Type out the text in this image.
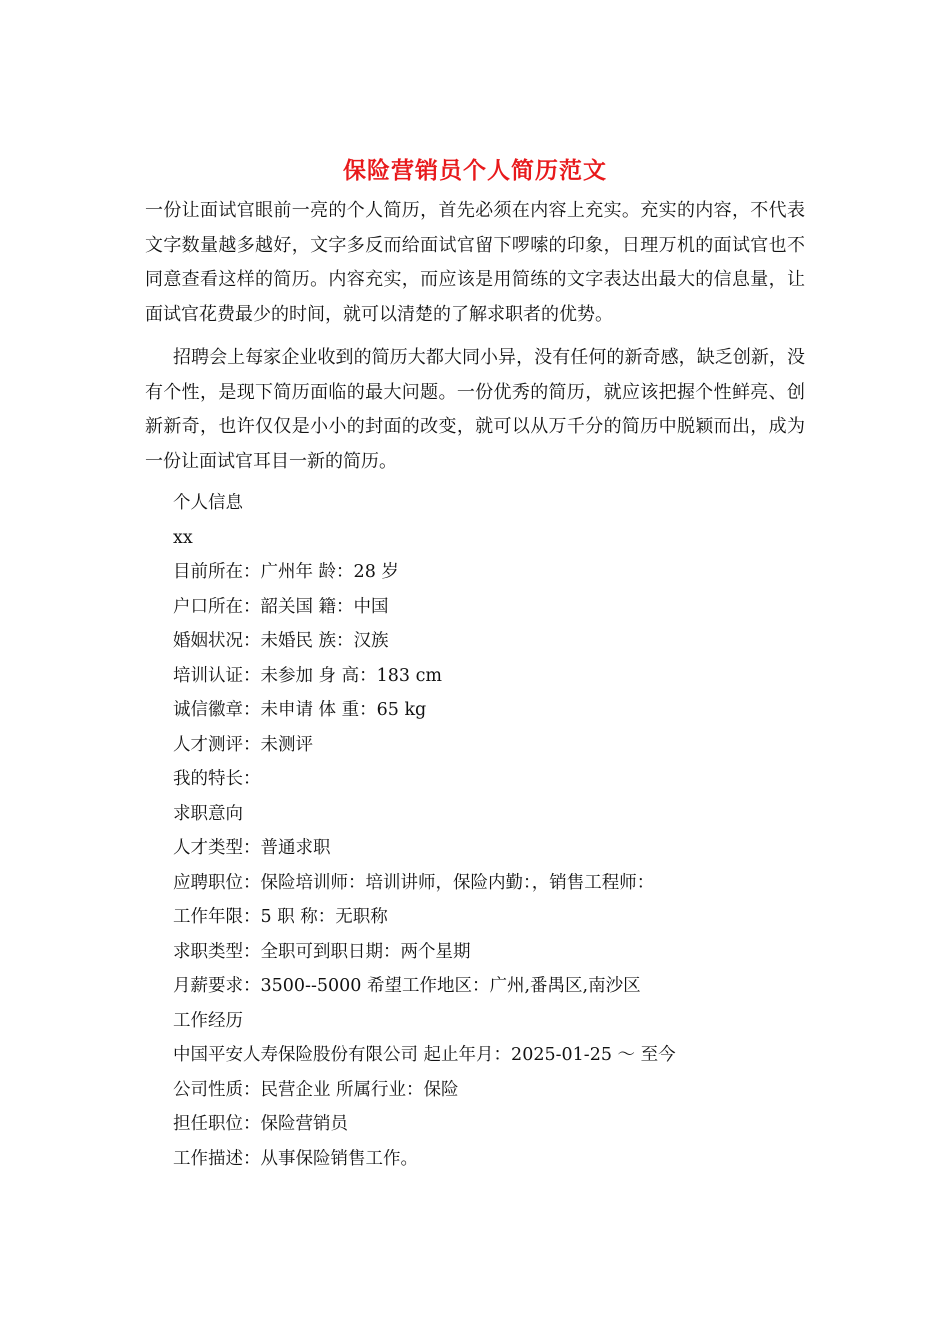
保险营销员个人简历范文
一份让面试官眼前一亮的个人简历，首先必须在内容上充实。充实的内容，不代表文字数量越多越好，文字多反而给面试官留下啰嗦的印象，日理万机的面试官也不同意查看这样的简历。内容充实，而应该是用简练的文字表达出最大的信息量，让面试官花费最少的时间，就可以清楚的了解求职者的优势。
招聘会上每家企业收到的简历大都大同小异，没有任何的新奇感，缺乏创新，没有个性，是现下简历面临的最大问题。一份优秀的简历，就应该把握个性鲜亮、创新新奇，也许仅仅是小小的封面的改变，就可以从万千分的简历中脱颖而出，成为一份让面试官耳目一新的简历。
个人信息
xx
目前所在：广州年 龄：28 岁
户口所在：韶关国 籍：中国
婚姻状况：未婚民 族：汉族
培训认证：未参加 身 高：183 cm
诚信徽章：未申请 体 重：65 kg
人才测评：未测评
我的特长：
求职意向
人才类型：普通求职
应聘职位：保险培训师：培训讲师，保险内勤：，销售工程师：
工作年限：5 职 称：无职称
求职类型：全职可到职日期：两个星期
月薪要求：3500--5000 希望工作地区：广州,番禺区,南沙区
工作经历
中国平安人寿保险股份有限公司 起止年月：2025-01-25 ～ 至今
公司性质：民营企业 所属行业：保险
担任职位：保险营销员
工作描述：从事保险销售工作。
